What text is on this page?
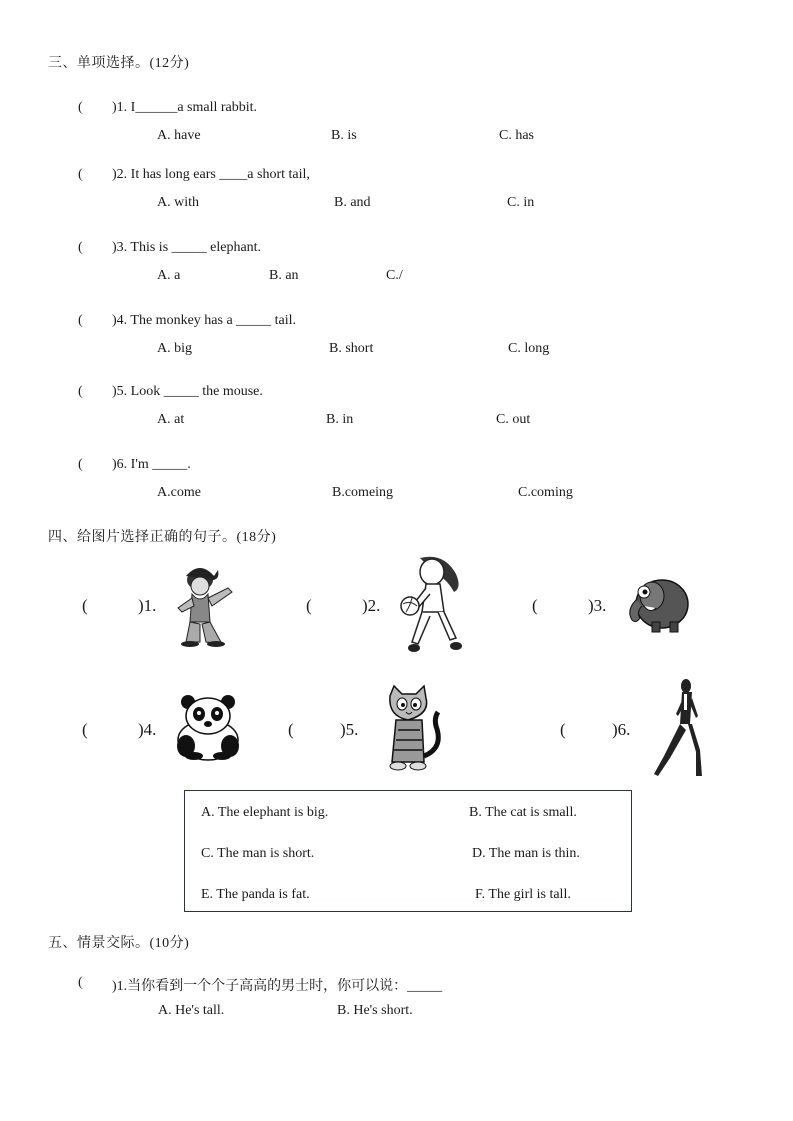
三、单项选择。(12分)
( )1. I______a small rabbit.
A. have	B. is	C. has
( )2. It has long ears ____a short tail,
A. with	B. and	C. in
( )3. This is _____ elephant.
A. a	B. an	C./
( )4. The monkey has a _____ tail.
A. big	B. short	C. long
( )5. Look _____ the mouse.
A. at	B. in	C. out
( )6. I'm _____.
A.come	B.comeing	C.coming
四、给图片选择正确的句子。(18分)
(	)1.	(	)2.	(	)3.
(	)4.	(	)5.	(	)6.
A. The elephant is big.	B. The cat is small.
C. The man is short.	D. The man is thin.
E. The panda is fat.	F. The girl is tall.
五、情景交际。(10分)
( )1.当你看到一个个子高高的男士时，你可以说：_____
A. He's tall.	B. He's short.
